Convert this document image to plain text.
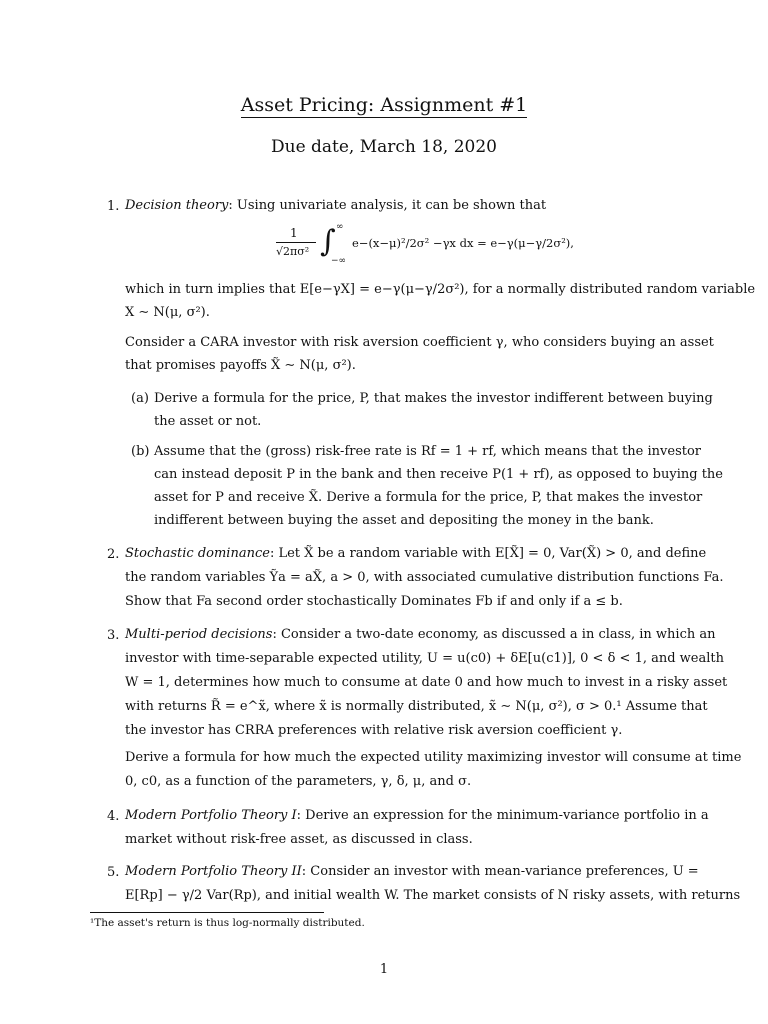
Asset Pricing: Assignment #1
Due date, March 18, 2020
1. Decision theory: Using univariate analysis, it can be shown that
1
√2πσ² ∫ ∞
−∞
e−(x−μ)²/2σ² −γx dx = e−γ(μ−γ/2σ²),
which in turn implies that E[e−γX] = e−γ(μ−γ/2σ²), for a normally distributed random variable
X ∼ N(μ, σ²).
Consider a CARA investor with risk aversion coefficient γ, who considers buying an asset
that promises payoffs X̃ ∼ N(μ, σ²).
(a) Derive a formula for the price, P, that makes the investor indifferent between buying
the asset or not.
(b) Assume that the (gross) risk-free rate is Rf = 1 + rf, which means that the investor
can instead deposit P in the bank and then receive P(1 + rf), as opposed to buying the
asset for P and receive X̃. Derive a formula for the price, P, that makes the investor
indifferent between buying the asset and depositing the money in the bank.
2. Stochastic dominance: Let X̃ be a random variable with E[X̃] = 0, Var(X̃) > 0, and define
the random variables Ỹa = aX̃, a > 0, with associated cumulative distribution functions Fa.
Show that Fa second order stochastically Dominates Fb if and only if a ≤ b.
3. Multi-period decisions: Consider a two-date economy, as discussed a in class, in which an
investor with time-separable expected utility, U = u(c0) + δE[u(c1)], 0 < δ < 1, and wealth
W = 1, determines how much to consume at date 0 and how much to invest in a risky asset
with returns R̃ = e^x̃, where x̃ is normally distributed, x̃ ∼ N(μ, σ²), σ > 0.¹ Assume that
the investor has CRRA preferences with relative risk aversion coefficient γ.
Derive a formula for how much the expected utility maximizing investor will consume at time
0, c0, as a function of the parameters, γ, δ, μ, and σ.
4. Modern Portfolio Theory I: Derive an expression for the minimum-variance portfolio in a
market without risk-free asset, as discussed in class.
5. Modern Portfolio Theory II: Consider an investor with mean-variance preferences, U =
E[Rp] − γ/2 Var(Rp), and initial wealth W. The market consists of N risky assets, with returns
¹The asset's return is thus log-normally distributed.
1
